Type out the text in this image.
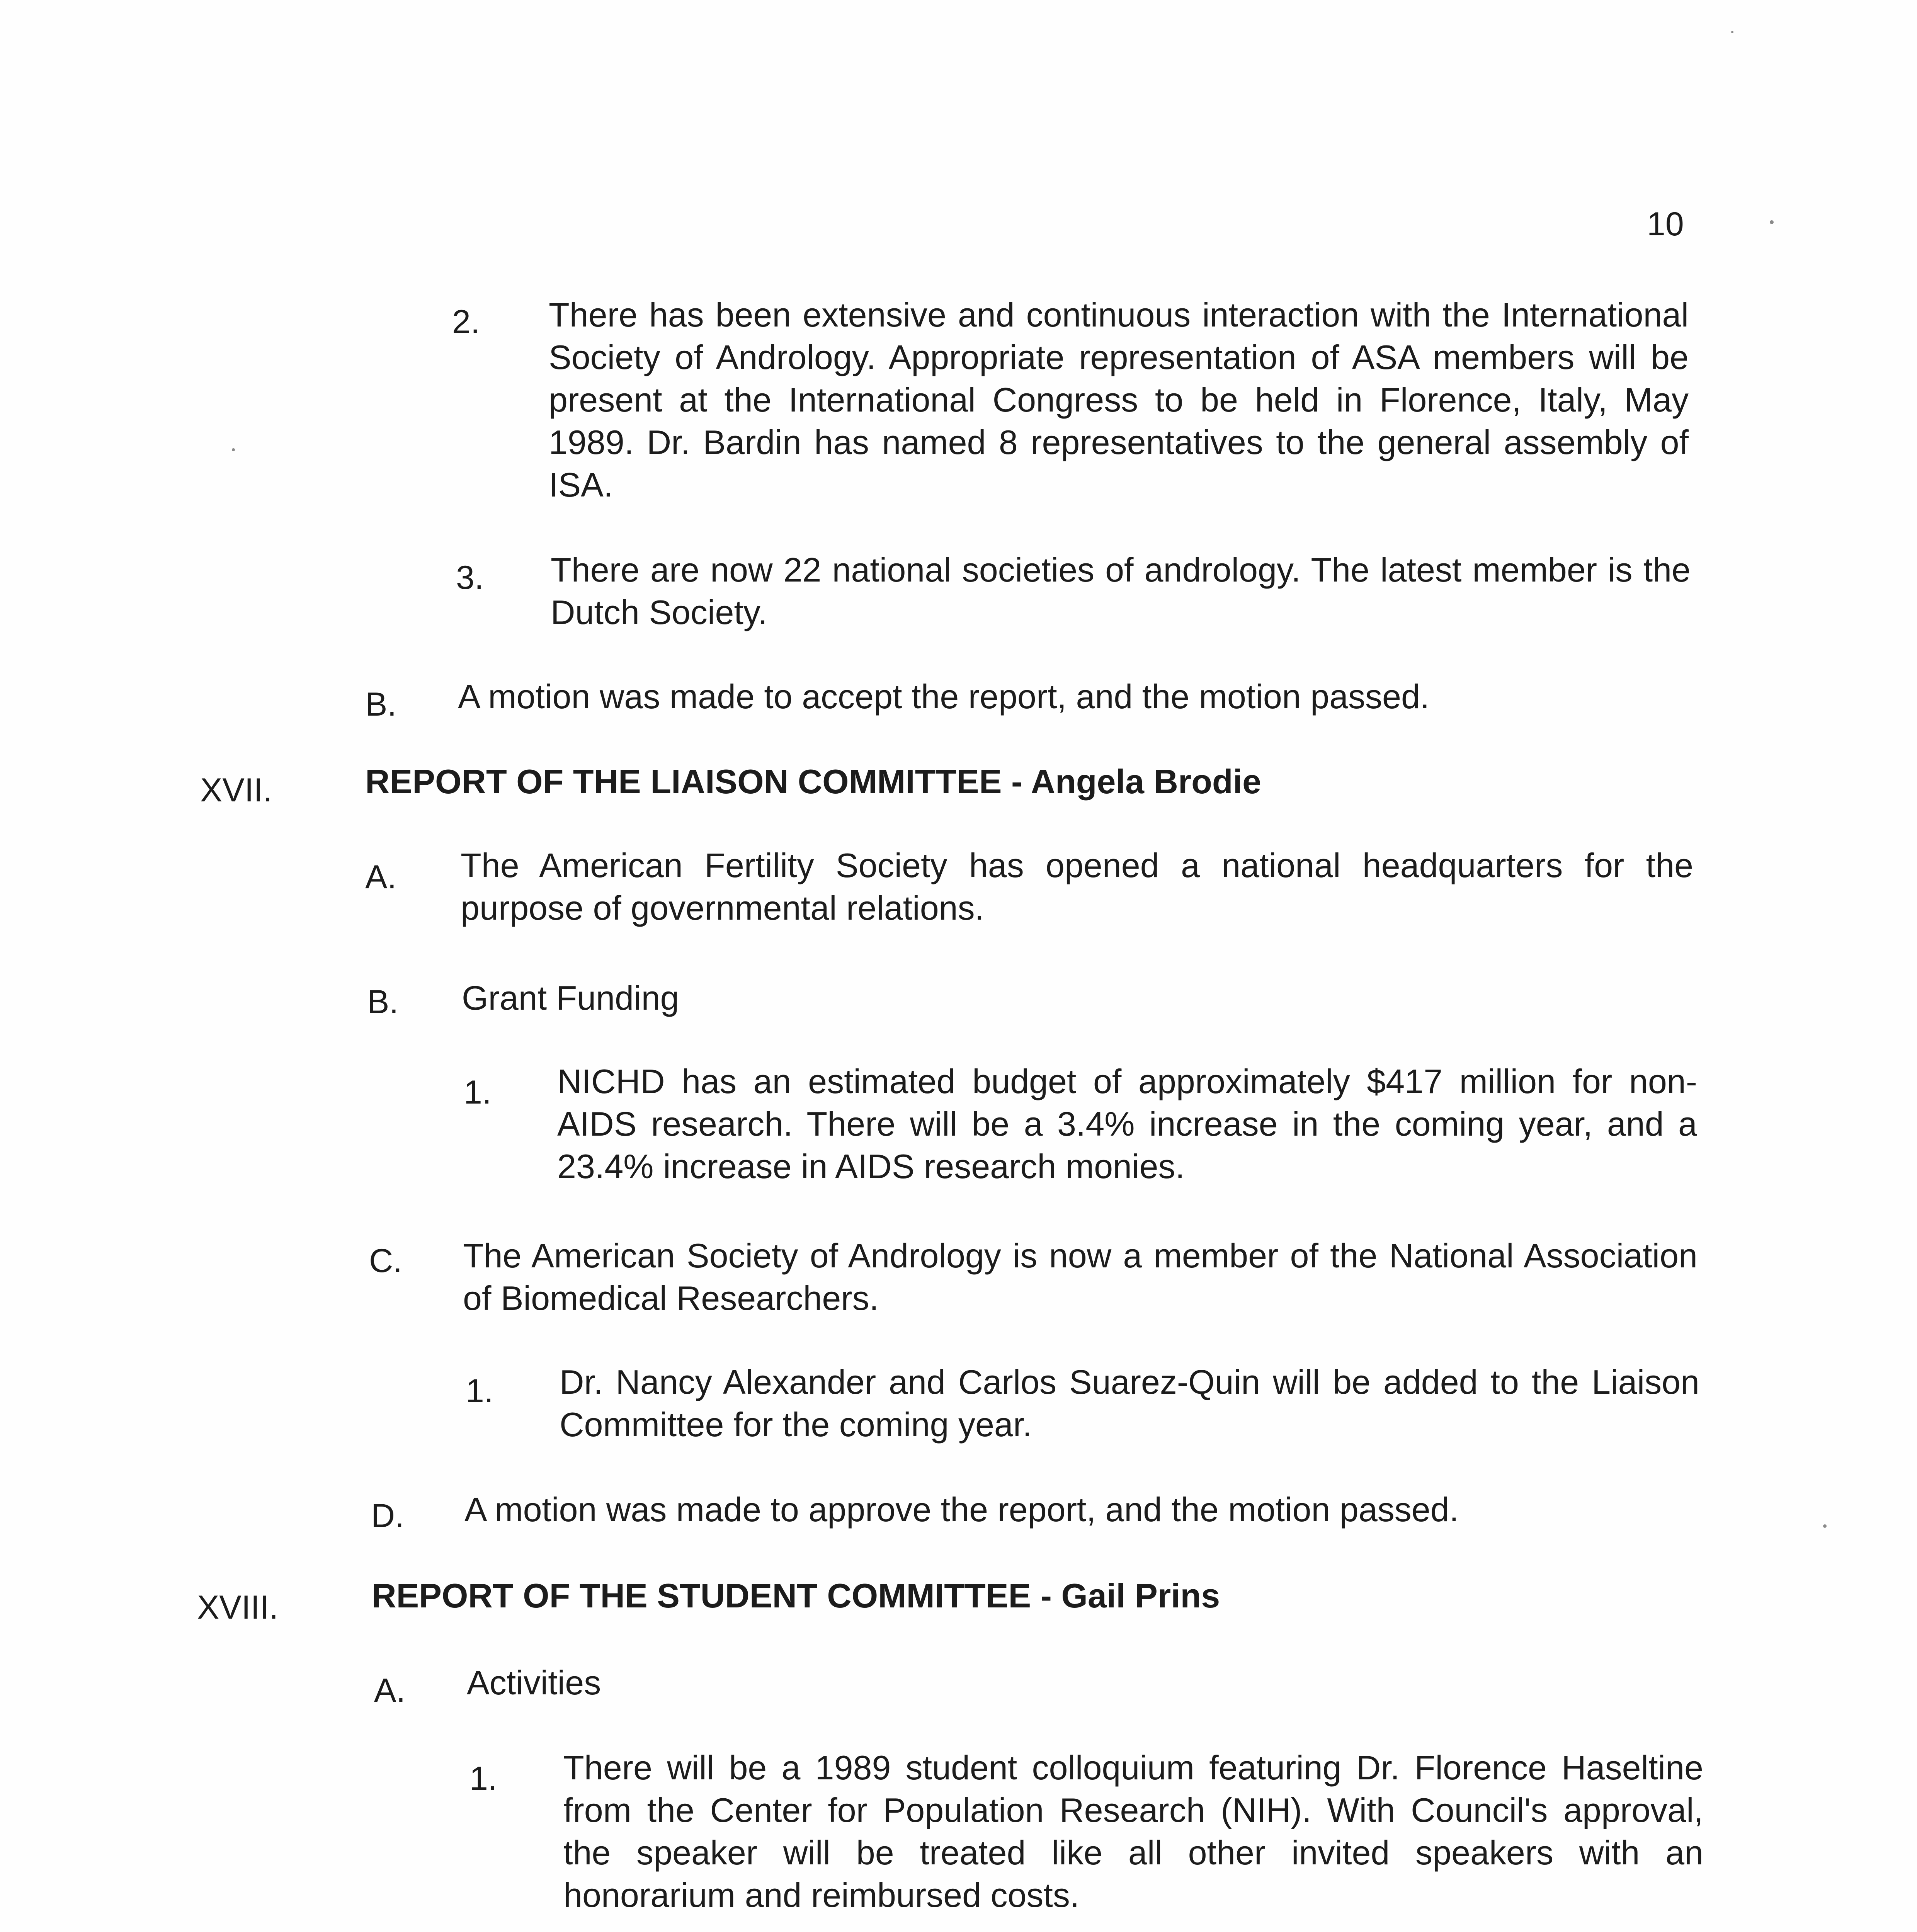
10
2. There has been extensive and continuous interaction with the International Society of Andrology. Appropriate representation of ASA members will be present at the International Congress to be held in Florence, Italy, May 1989. Dr. Bardin has named 8 representatives to the general assembly of ISA.
3. There are now 22 national societies of andrology. The latest member is the Dutch Society.
B. A motion was made to accept the report, and the motion passed.
XVII.	REPORT OF THE LIAISON COMMITTEE - Angela Brodie
A. The American Fertility Society has opened a national headquarters for the purpose of governmental relations.
B. Grant Funding
1. NICHD has an estimated budget of approximately $417 million for non-AIDS research. There will be a 3.4% increase in the coming year, and a 23.4% increase in AIDS research monies.
C. The American Society of Andrology is now a member of the National Association of Biomedical Researchers.
1. Dr. Nancy Alexander and Carlos Suarez-Quin will be added to the Liaison Committee for the coming year.
D. A motion was made to approve the report, and the motion passed.
XVIII.	REPORT OF THE STUDENT COMMITTEE - Gail Prins
A. Activities
1. There will be a 1989 student colloquium featuring Dr. Florence Haseltine from the Center for Population Research (NIH). With Council's approval, the speaker will be treated like all other invited speakers with an honorarium and reimbursed costs.
